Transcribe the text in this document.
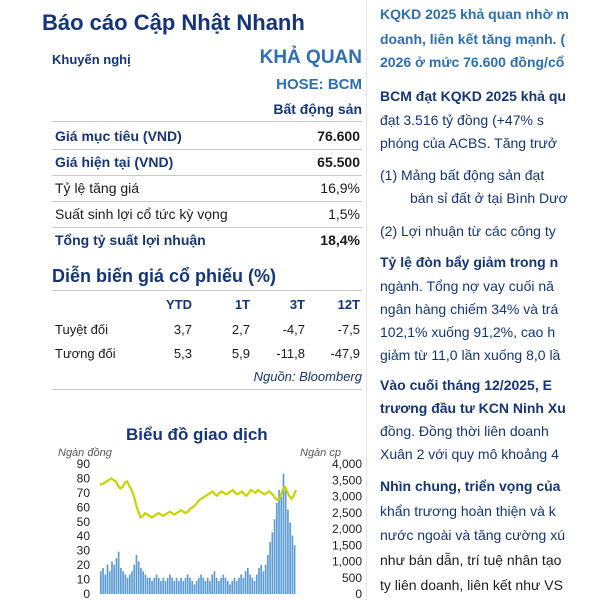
Báo cáo Cập Nhật Nhanh
Khuyến nghị	KHẢ QUAN
HOSE: BCM
Bất động sản
Giá mục tiêu (VND)	76.600
Giá hiện tại (VND)	65.500
Tỷ lệ tăng giá	16,9%
Suất sinh lợi cổ tức kỳ vọng	1,5%
Tổng tỷ suất lợi nhuận	18,4%
Diễn biến giá cổ phiếu (%)
YTD	1T	3T	12T
Tuyệt đối	3,7	2,7	-4,7	-7,5
Tương đối	5,3	5,9	-11,8	-47,9
Nguồn: Bloomberg
Biểu đồ giao dịch
Ngàn đồng	Ngàn cp
90
80
70
60
50
40
30
20
10
0
4,000
3,500
3,000
2,500
2,000
1,500
1,000
500
0
KQKD 2025 khả quan nhờ m
doanh, liên kết tăng mạnh. (
2026 ở mức 76.600 đồng/cổ
BCM đạt KQKD 2025 khả qu
đạt 3.516 tỷ đồng (+47% s
phóng của ACBS. Tăng trưở
(1) Mảng bất động sản đạt
bán sỉ đất ở tại Bình Dươ
(2) Lợi nhuận từ các công ty
Tỷ lệ đòn bẩy giảm trong n
ngành. Tổng nợ vay cuối nă
ngân hàng chiếm 34% và trá
102,1% xuống 91,2%, cao h
giảm từ 11,0 lần xuống 8,0 lầ
Vào cuối tháng 12/2025, E
trương đầu tư KCN Ninh Xu
đồng. Đồng thời liên doanh
Xuân 2 với quy mô khoảng 4
Nhìn chung, triển vọng của
khẩn trương hoàn thiện và k
nước ngoài và tăng cường xú
như bán dẫn, trí tuệ nhân tạo
ty liên doanh, liên kết như VS
